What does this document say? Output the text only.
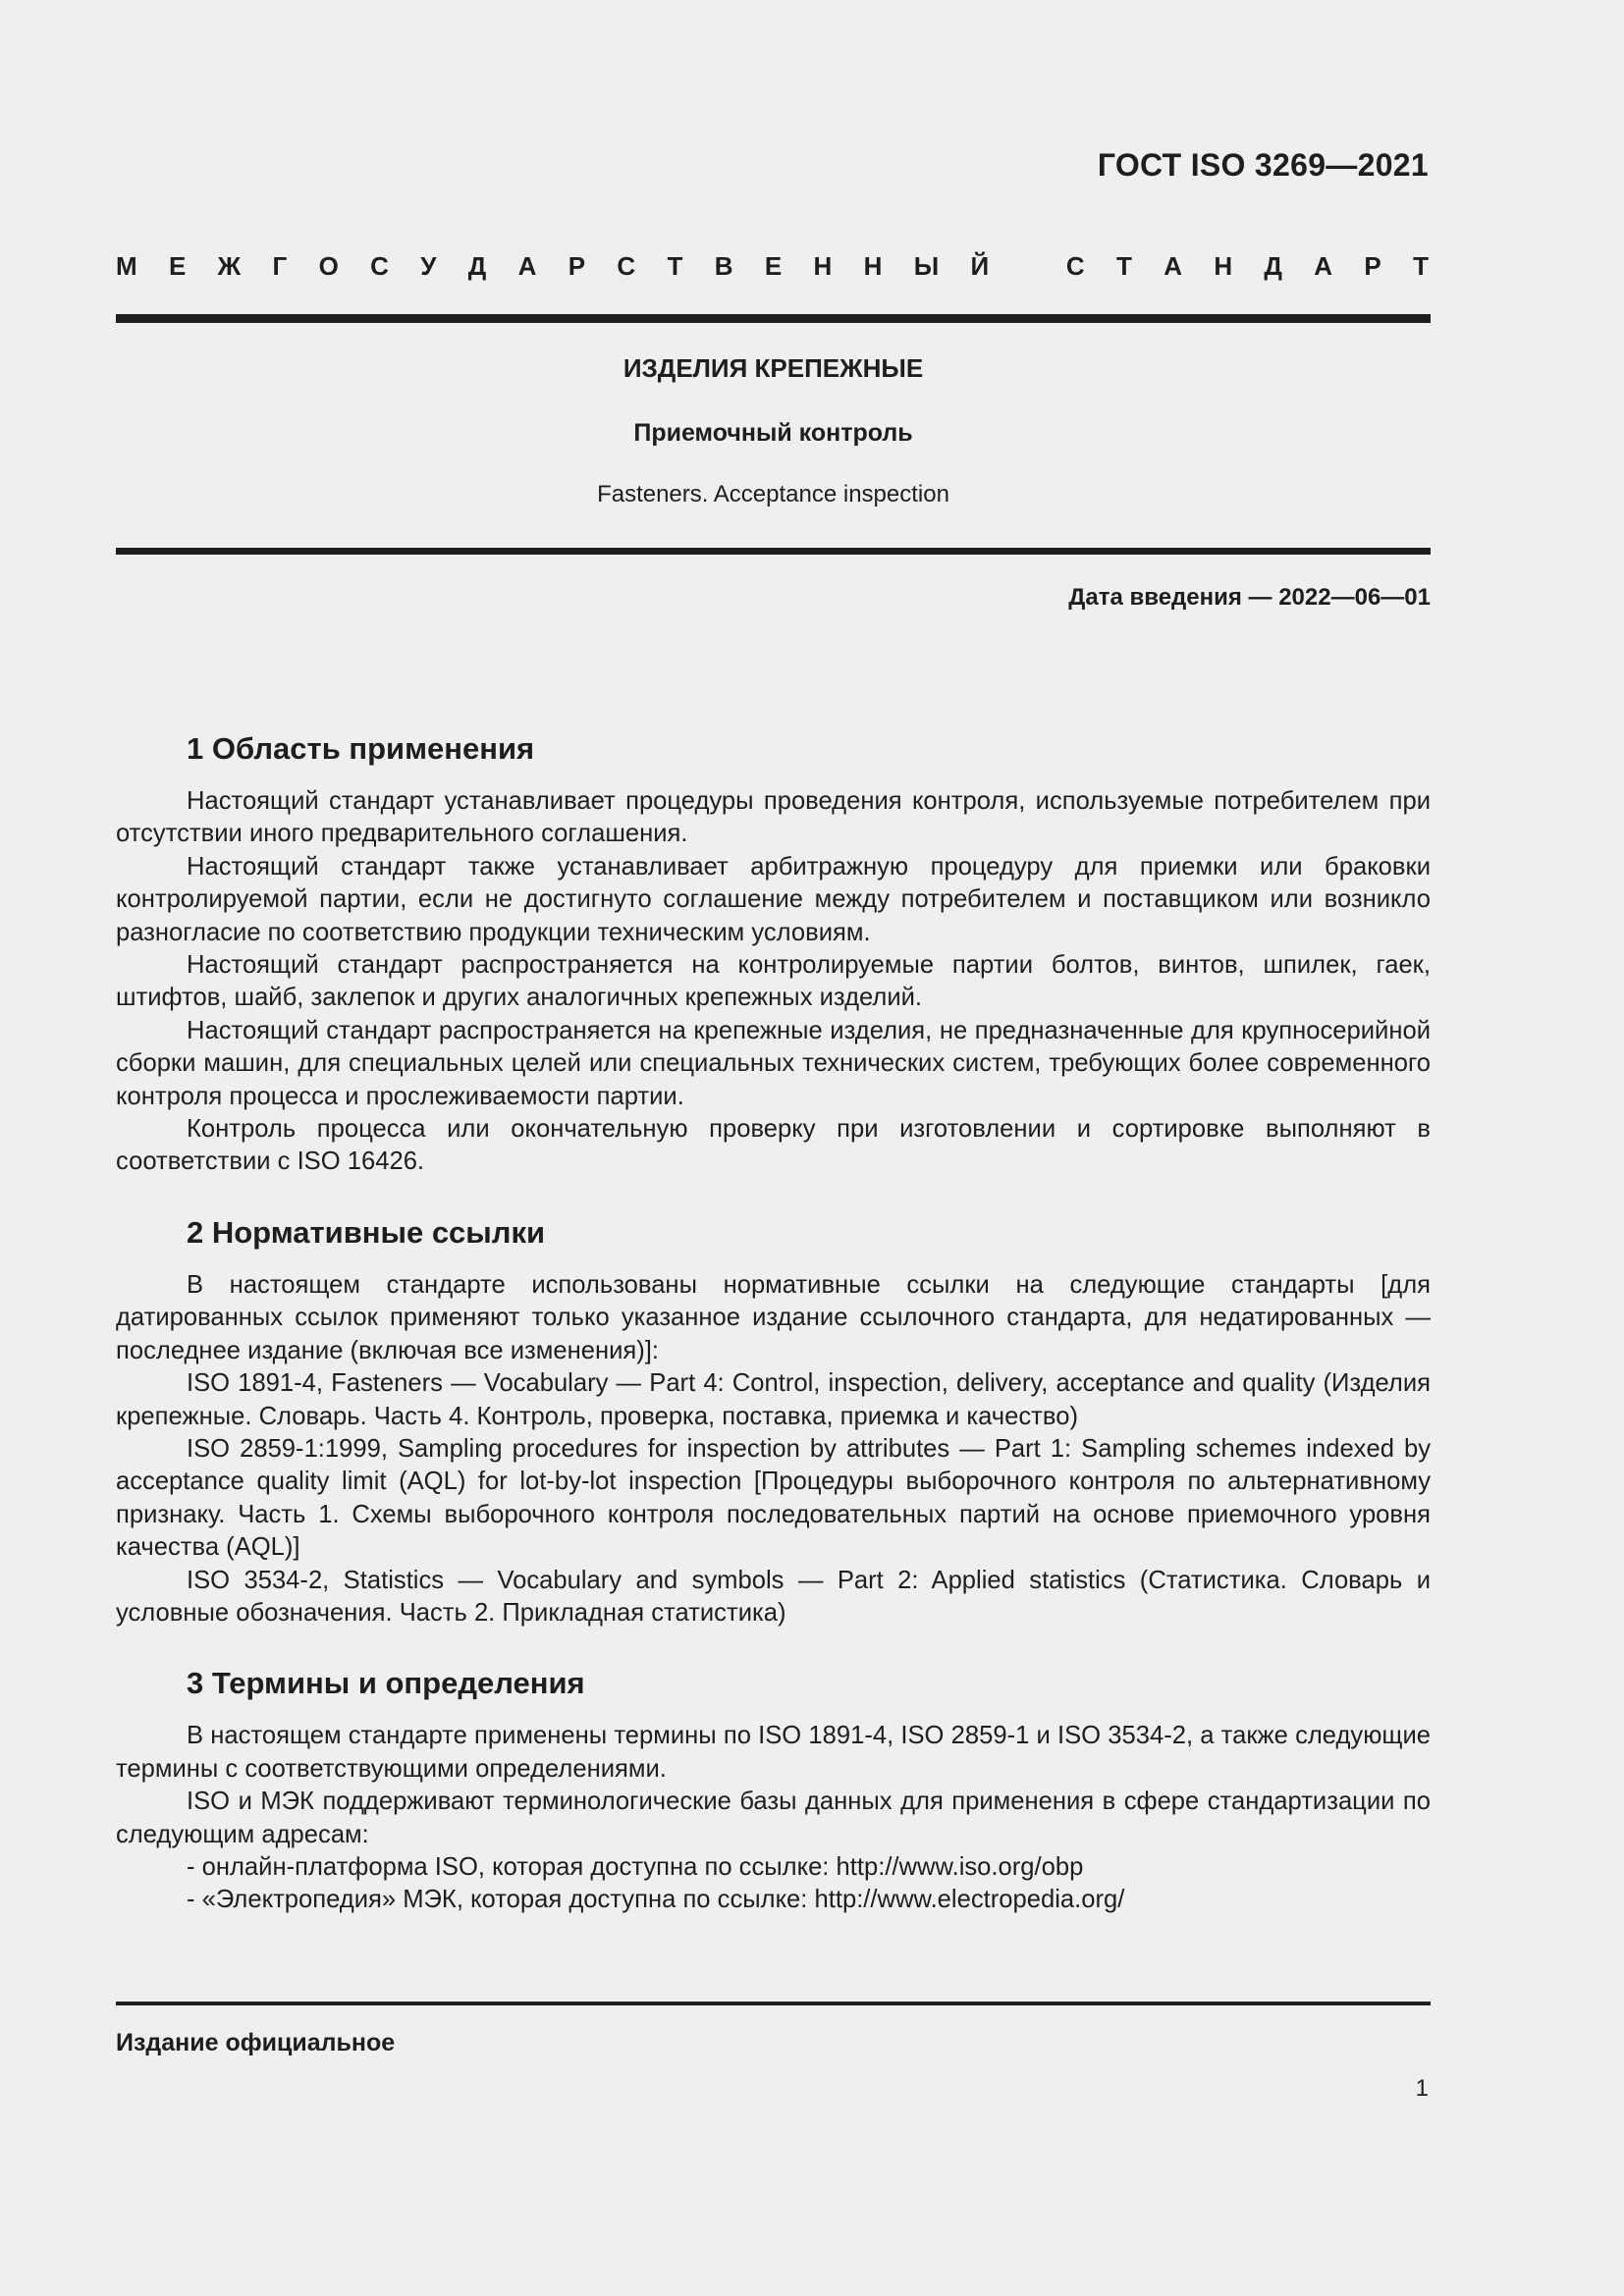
ГОСТ ISO 3269—2021
М Е Ж Г О С У Д А Р С Т В Е Н Н Ы Й	С Т А Н Д А Р Т
ИЗДЕЛИЯ КРЕПЕЖНЫЕ
Приемочный контроль
Fasteners. Acceptance inspection
Дата введения — 2022—06—01
1 Область применения

Настоящий стандарт устанавливает процедуры проведения контроля, используемые потребителем при отсутствии иного предварительного соглашения.

Настоящий стандарт также устанавливает арбитражную процедуру для приемки или браковки контролируемой партии, если не достигнуто соглашение между потребителем и поставщиком или возникло разногласие по соответствию продукции техническим условиям.

Настоящий стандарт распространяется на контролируемые партии болтов, винтов, шпилек, гаек, штифтов, шайб, заклепок и других аналогичных крепежных изделий.

Настоящий стандарт распространяется на крепежные изделия, не предназначенные для крупносерийной сборки машин, для специальных целей или специальных технических систем, требующих более современного контроля процесса и прослеживаемости партии.

Контроль процесса или окончательную проверку при изготовлении и сортировке выполняют в соответствии с ISO 16426.

2 Нормативные ссылки

В настоящем стандарте использованы нормативные ссылки на следующие стандарты [для датированных ссылок применяют только указанное издание ссылочного стандарта, для недатированных — последнее издание (включая все изменения)]:

ISO 1891-4, Fasteners — Vocabulary — Part 4: Control, inspection, delivery, acceptance and quality (Изделия крепежные. Словарь. Часть 4. Контроль, проверка, поставка, приемка и качество)

ISO 2859-1:1999, Sampling procedures for inspection by attributes — Part 1: Sampling schemes indexed by acceptance quality limit (AQL) for lot-by-lot inspection [Процедуры выборочного контроля по альтернативному признаку. Часть 1. Схемы выборочного контроля последовательных партий на основе приемочного уровня качества (AQL)]

ISO 3534-2, Statistics — Vocabulary and symbols — Part 2: Applied statistics (Статистика. Словарь и условные обозначения. Часть 2. Прикладная статистика)

3 Термины и определения

В настоящем стандарте применены термины по ISO 1891-4, ISO 2859-1 и ISO 3534-2, а также следующие термины с соответствующими определениями.

ISO и МЭК поддерживают терминологические базы данных для применения в сфере стандартизации по следующим адресам:

- онлайн-платформа ISO, которая доступна по ссылке: http://www.iso.org/obp

- «Электропедия» МЭК, которая доступна по ссылке: http://www.electropedia.org/

Издание официальное
1
